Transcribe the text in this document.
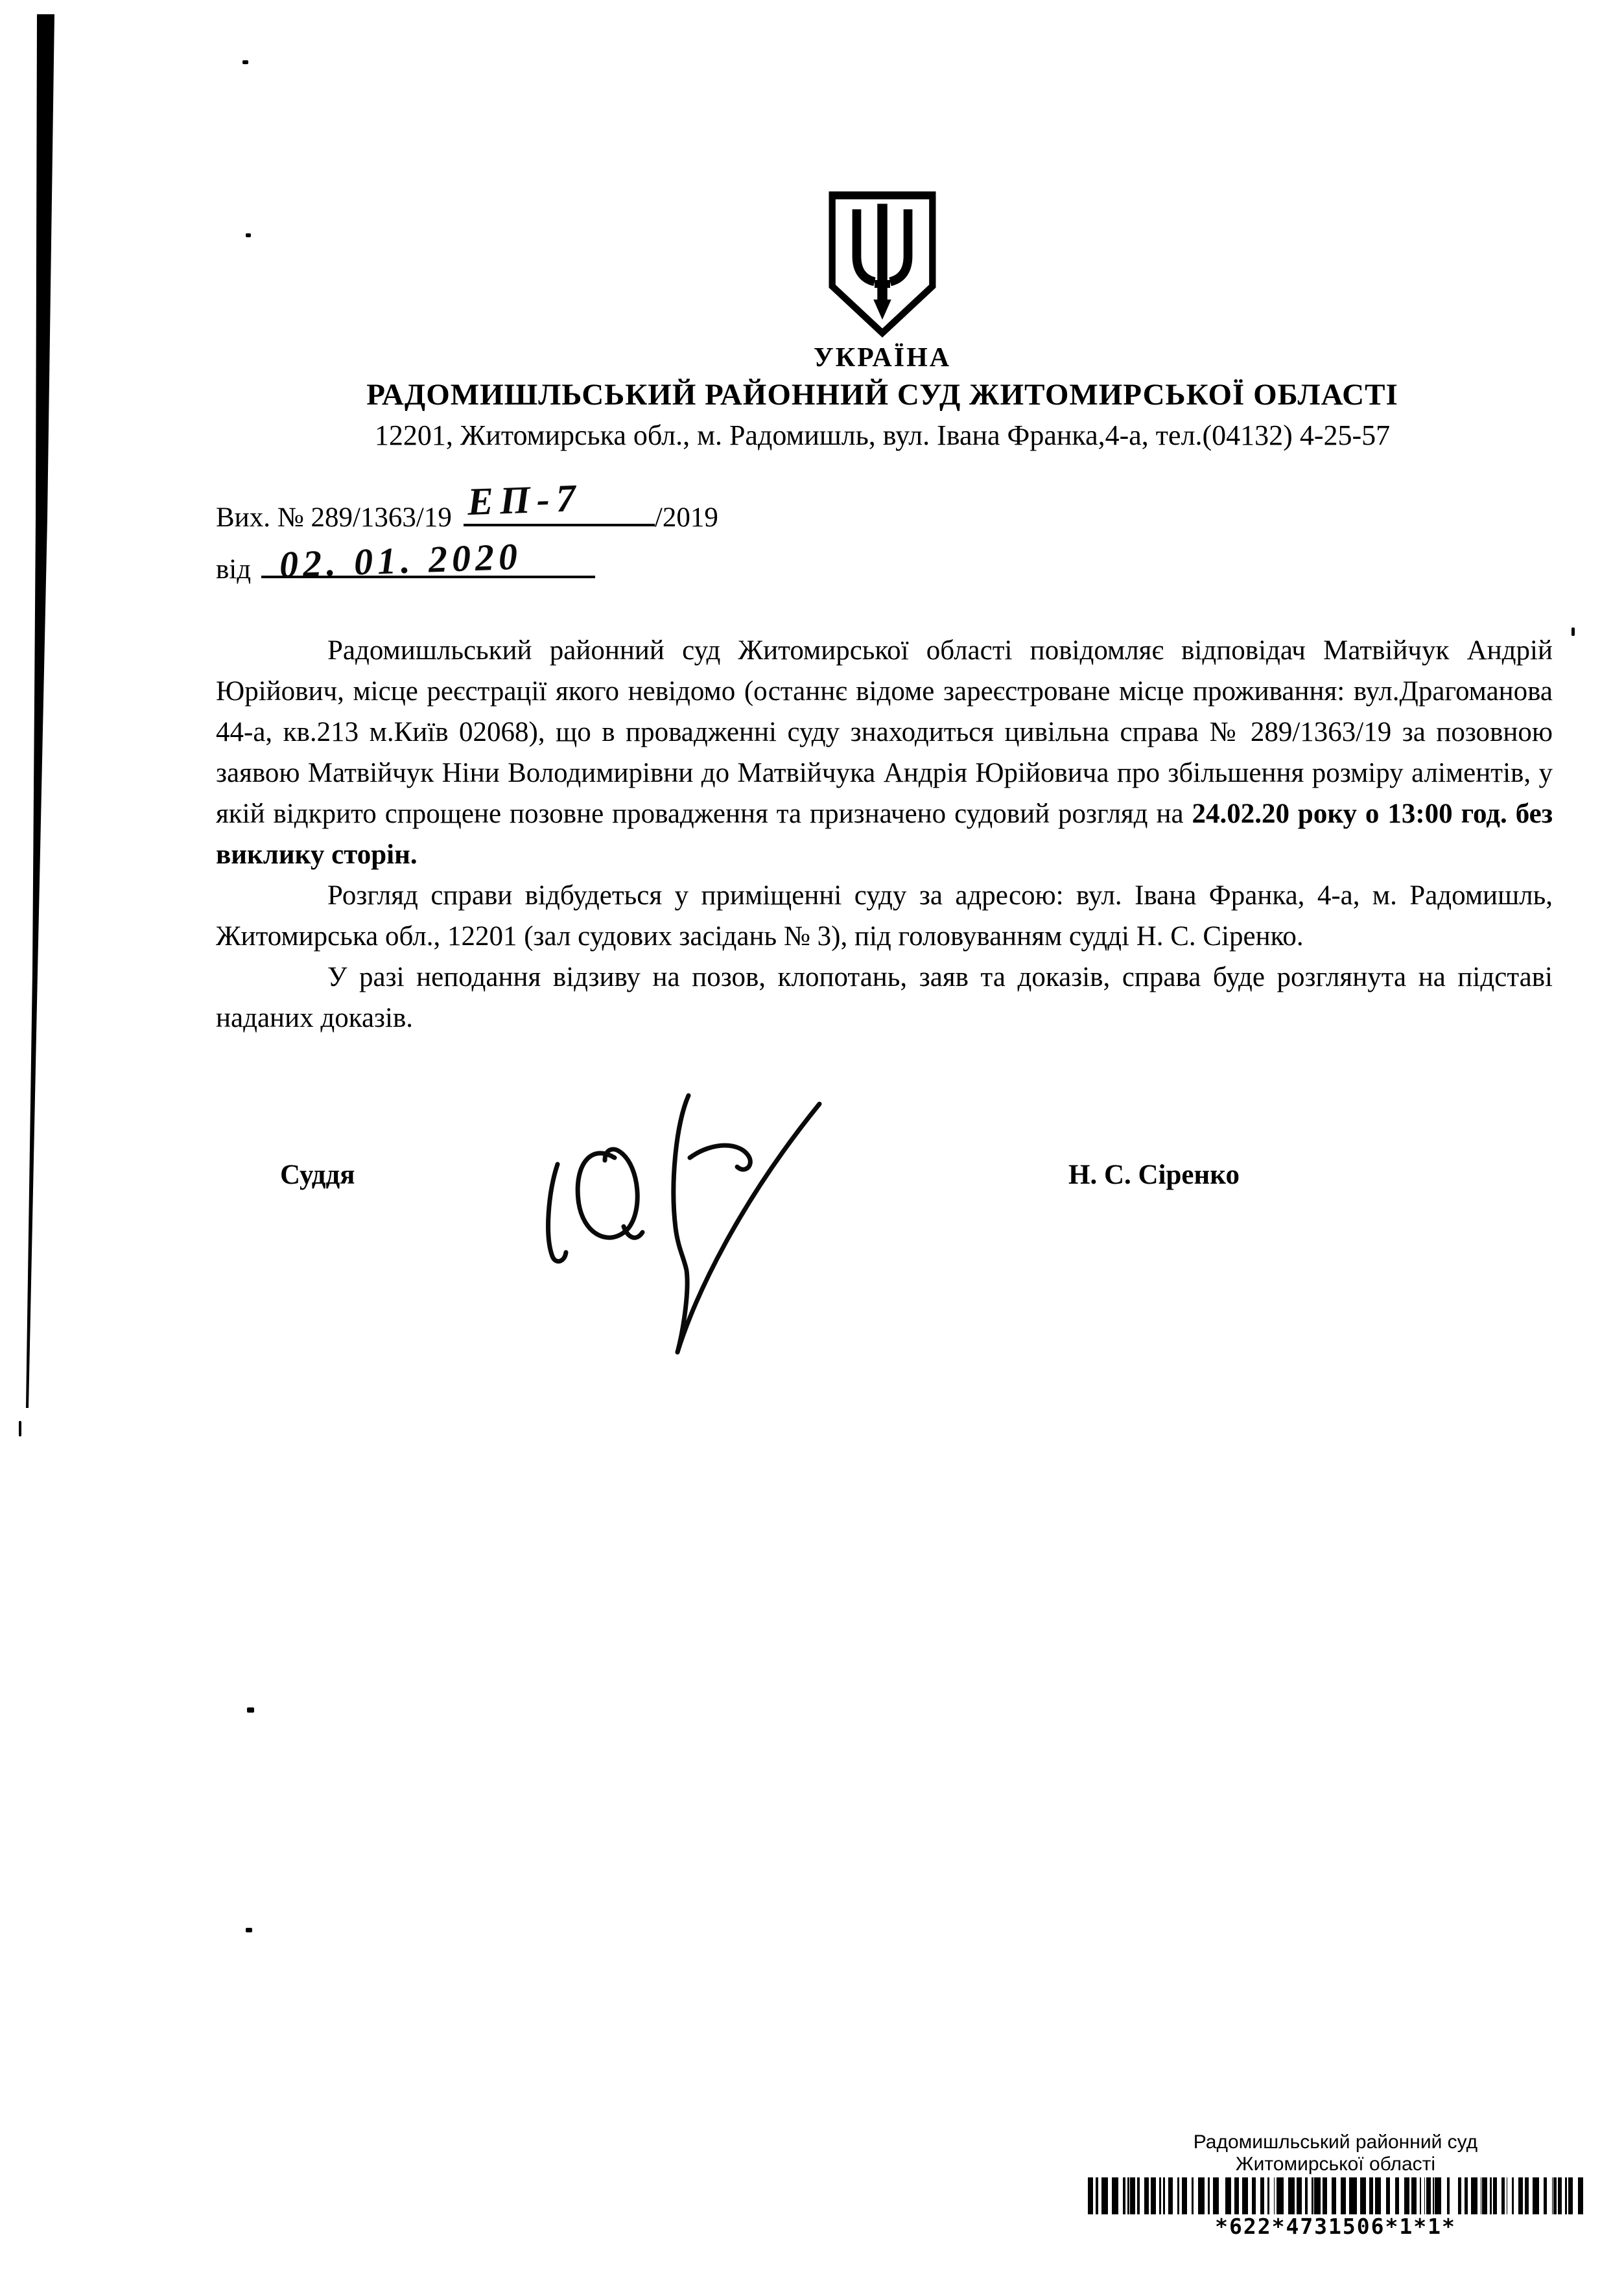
УКРАЇНА
РАДОМИШЛЬСЬКИЙ РАЙОННИЙ СУД ЖИТОМИРСЬКОЇ ОБЛАСТІ
12201, Житомирська обл., м. Радомишль, вул. Івана Франка,4-а, тел.(04132) 4-25-57
Вих. № 289/1363/19 ЕП-7	/2019
від 02. 01. 2020

Радомишльський районний суд Житомирської області повідомляє відповідач Матвійчук Андрій Юрійович, місце реєстрації якого невідомо (останнє відоме зареєстроване місце проживання: вул.Драгоманова 44-а, кв.213 м.Київ 02068), що в провадженні суду знаходиться цивільна справа № 289/1363/19 за позовною заявою Матвійчук Ніни Володимирівни до Матвійчука Андрія Юрійовича про збільшення розміру аліментів, у якій відкрито спрощене позовне провадження та призначено судовий розгляд на 24.02.20 року о 13:00 год. без виклику сторін.

Розгляд справи відбудеться у приміщенні суду за адресою: вул. Івана Франка, 4-а, м. Радомишль, Житомирська обл., 12201 (зал судових засідань № 3), під головуванням судді Н. С. Сіренко.

У разі неподання відзиву на позов, клопотань, заяв та доказів, справа буде розглянута на підставі наданих доказів.

Суддя	Н. С. Сіренко
Радомишльський районний суд
Житомирської області
*622*4731506*1*1*
